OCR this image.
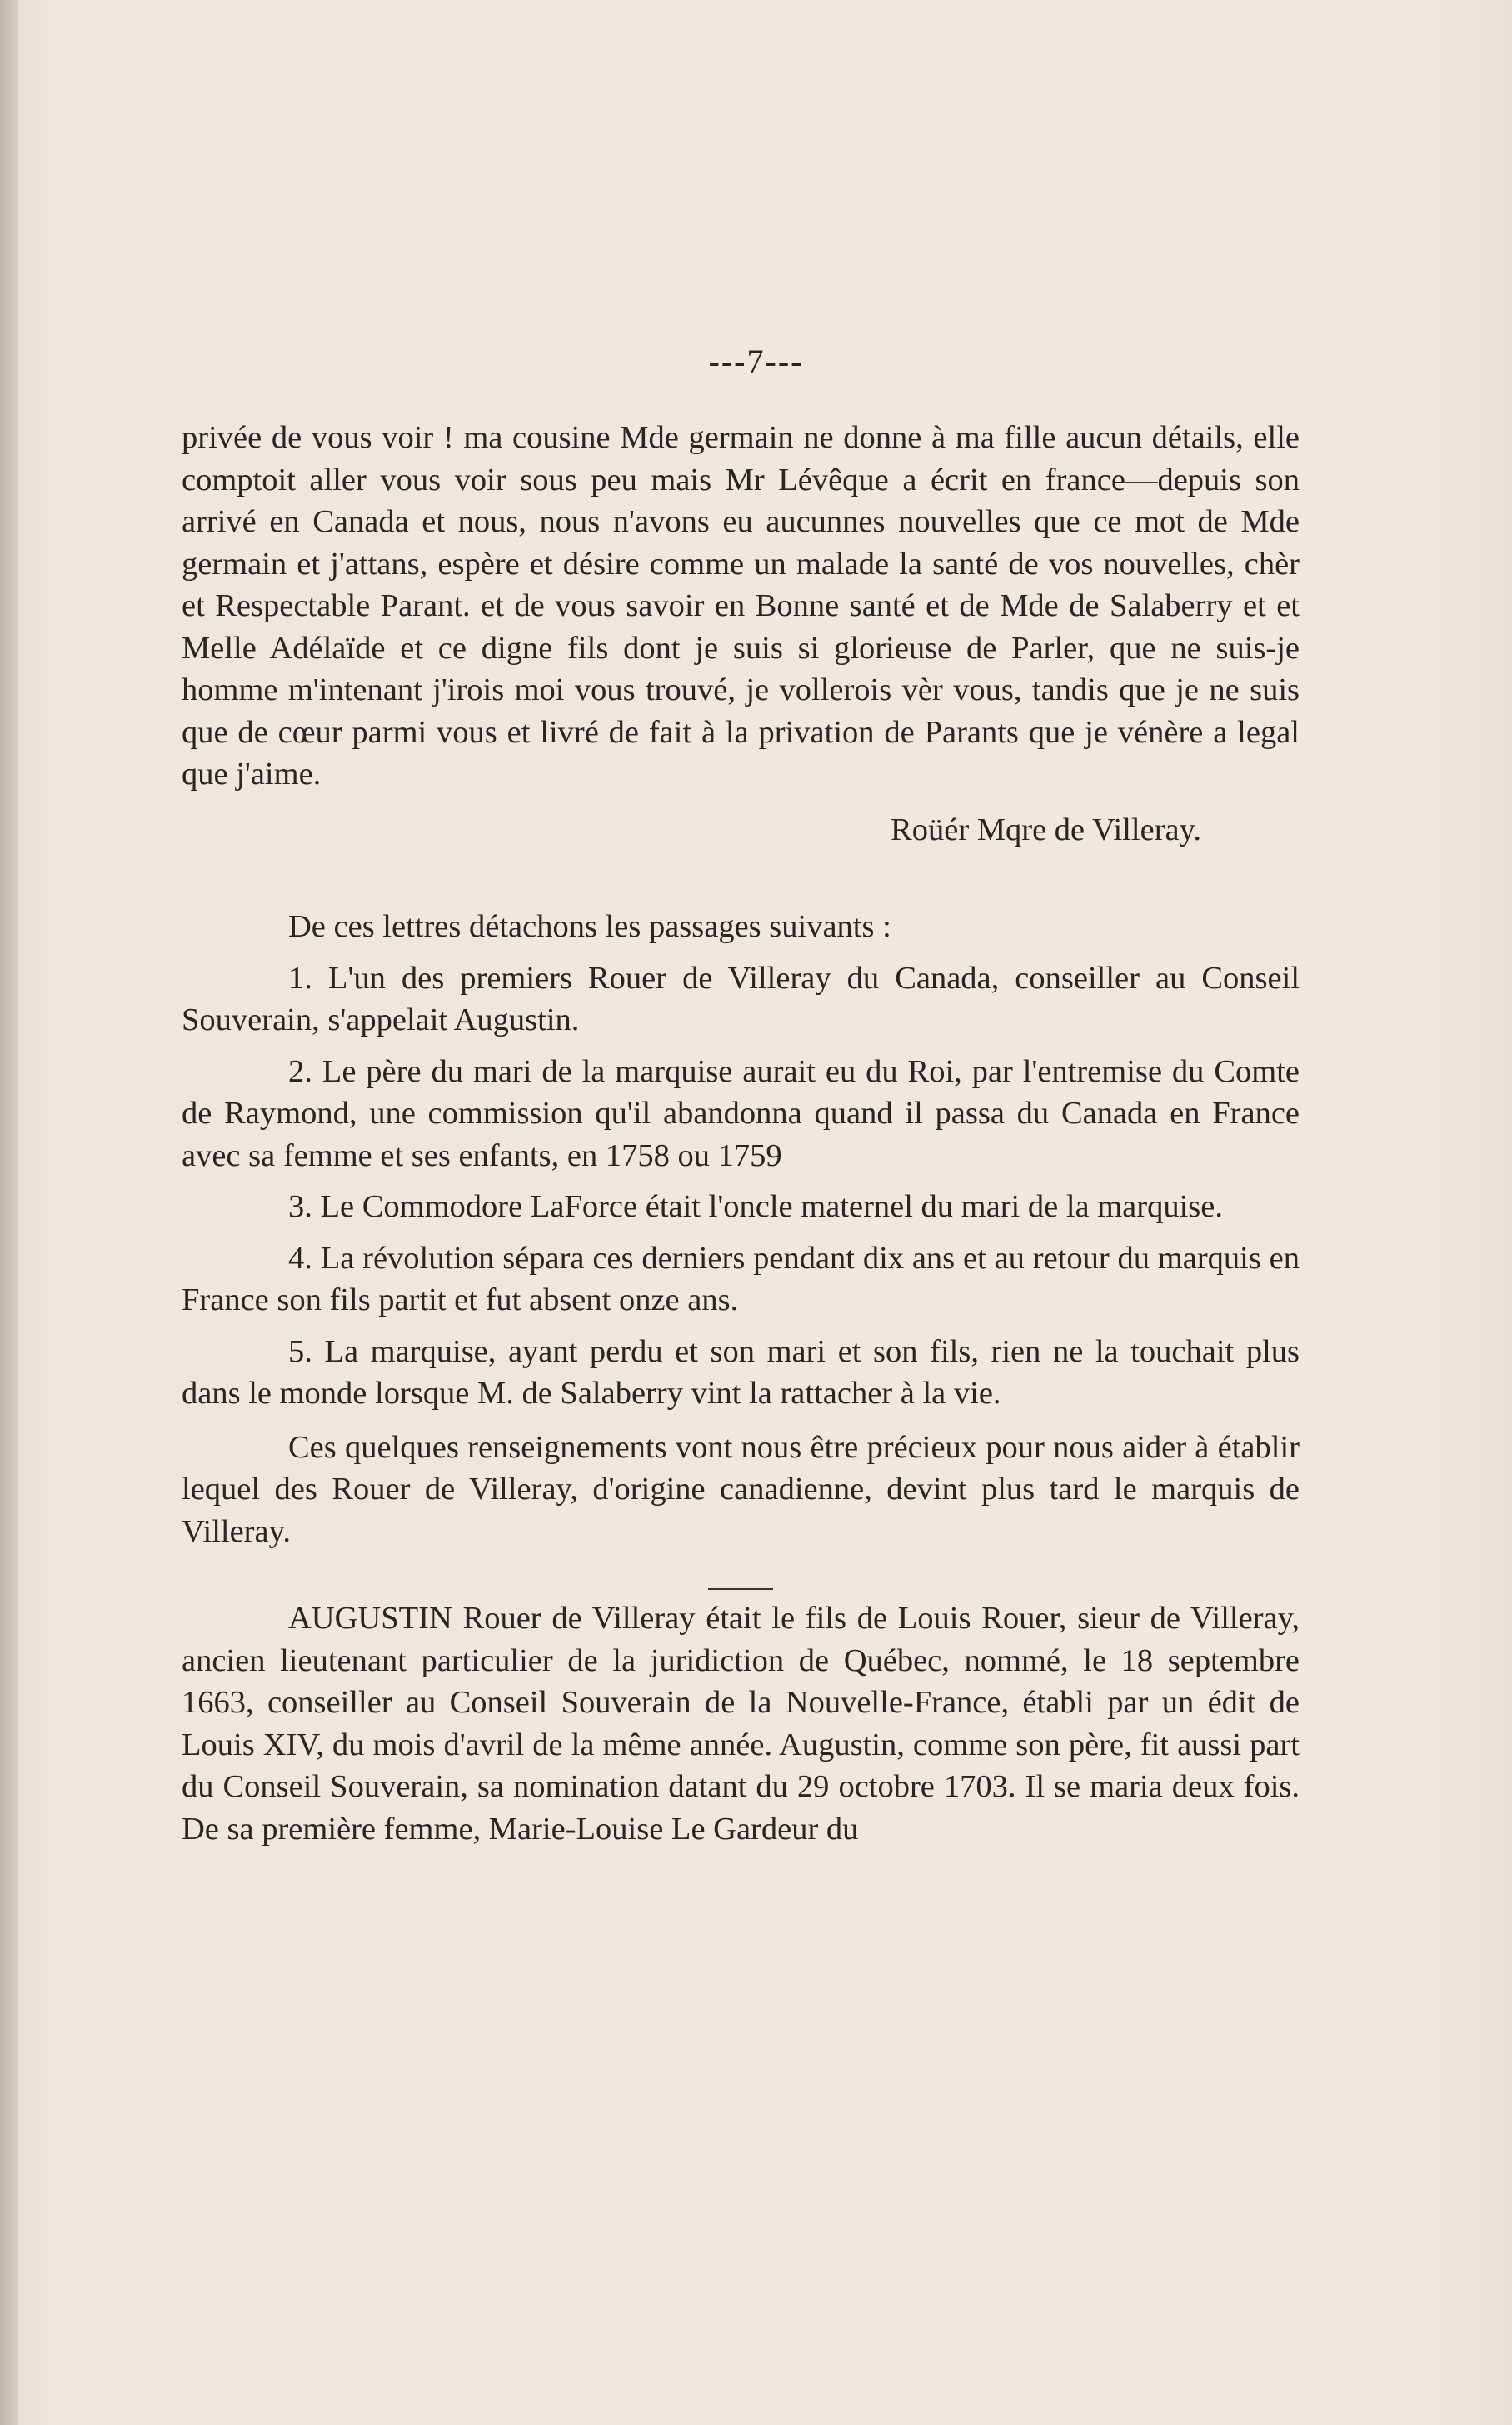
---7---

privée de vous voir ! ma cousine Mde germain ne donne à ma fille aucun détails, elle comptoit aller vous voir sous peu mais Mr Lévêque a écrit en france—depuis son arrivé en Canada et nous, nous n'avons eu aucunnes nouvelles que ce mot de Mde germain et j'attans, espère et désire comme un malade la santé de vos nouvelles, chèr et Respectable Parant. et de vous savoir en Bonne santé et de Mde de Salaberry et et Melle Adélaïde et ce digne fils dont je suis si glorieuse de Parler, que ne suis-je homme m'intenant j'irois moi vous trouvé, je vollerois vèr vous, tandis que je ne suis que de cœur parmi vous et livré de fait à la privation de Parants que je vénère a legal que j'aime.

Roüér Mqre de Villeray.

De ces lettres détachons les passages suivants :

1. L'un des premiers Rouer de Villeray du Canada, conseiller au Conseil Souverain, s'appelait Augustin.

2. Le père du mari de la marquise aurait eu du Roi, par l'entremise du Comte de Raymond, une commission qu'il abandonna quand il passa du Canada en France avec sa femme et ses enfants, en 1758 ou 1759

3. Le Commodore LaForce était l'oncle maternel du mari de la marquise.

4. La révolution sépara ces derniers pendant dix ans et au retour du marquis en France son fils partit et fut absent onze ans.

5. La marquise, ayant perdu et son mari et son fils, rien ne la touchait plus dans le monde lorsque M. de Salaberry vint la rattacher à la vie.

Ces quelques renseignements vont nous être précieux pour nous aider à établir lequel des Rouer de Villeray, d'origine canadienne, devint plus tard le marquis de Villeray.

AUGUSTIN Rouer de Villeray était le fils de Louis Rouer, sieur de Villeray, ancien lieutenant particulier de la juridiction de Québec, nommé, le 18 septembre 1663, conseiller au Conseil Souverain de la Nouvelle-France, établi par un édit de Louis XIV, du mois d'avril de la même année. Augustin, comme son père, fit aussi part du Conseil Souverain, sa nomination datant du 29 octobre 1703. Il se maria deux fois. De sa première femme, Marie-Louise Le Gardeur du
